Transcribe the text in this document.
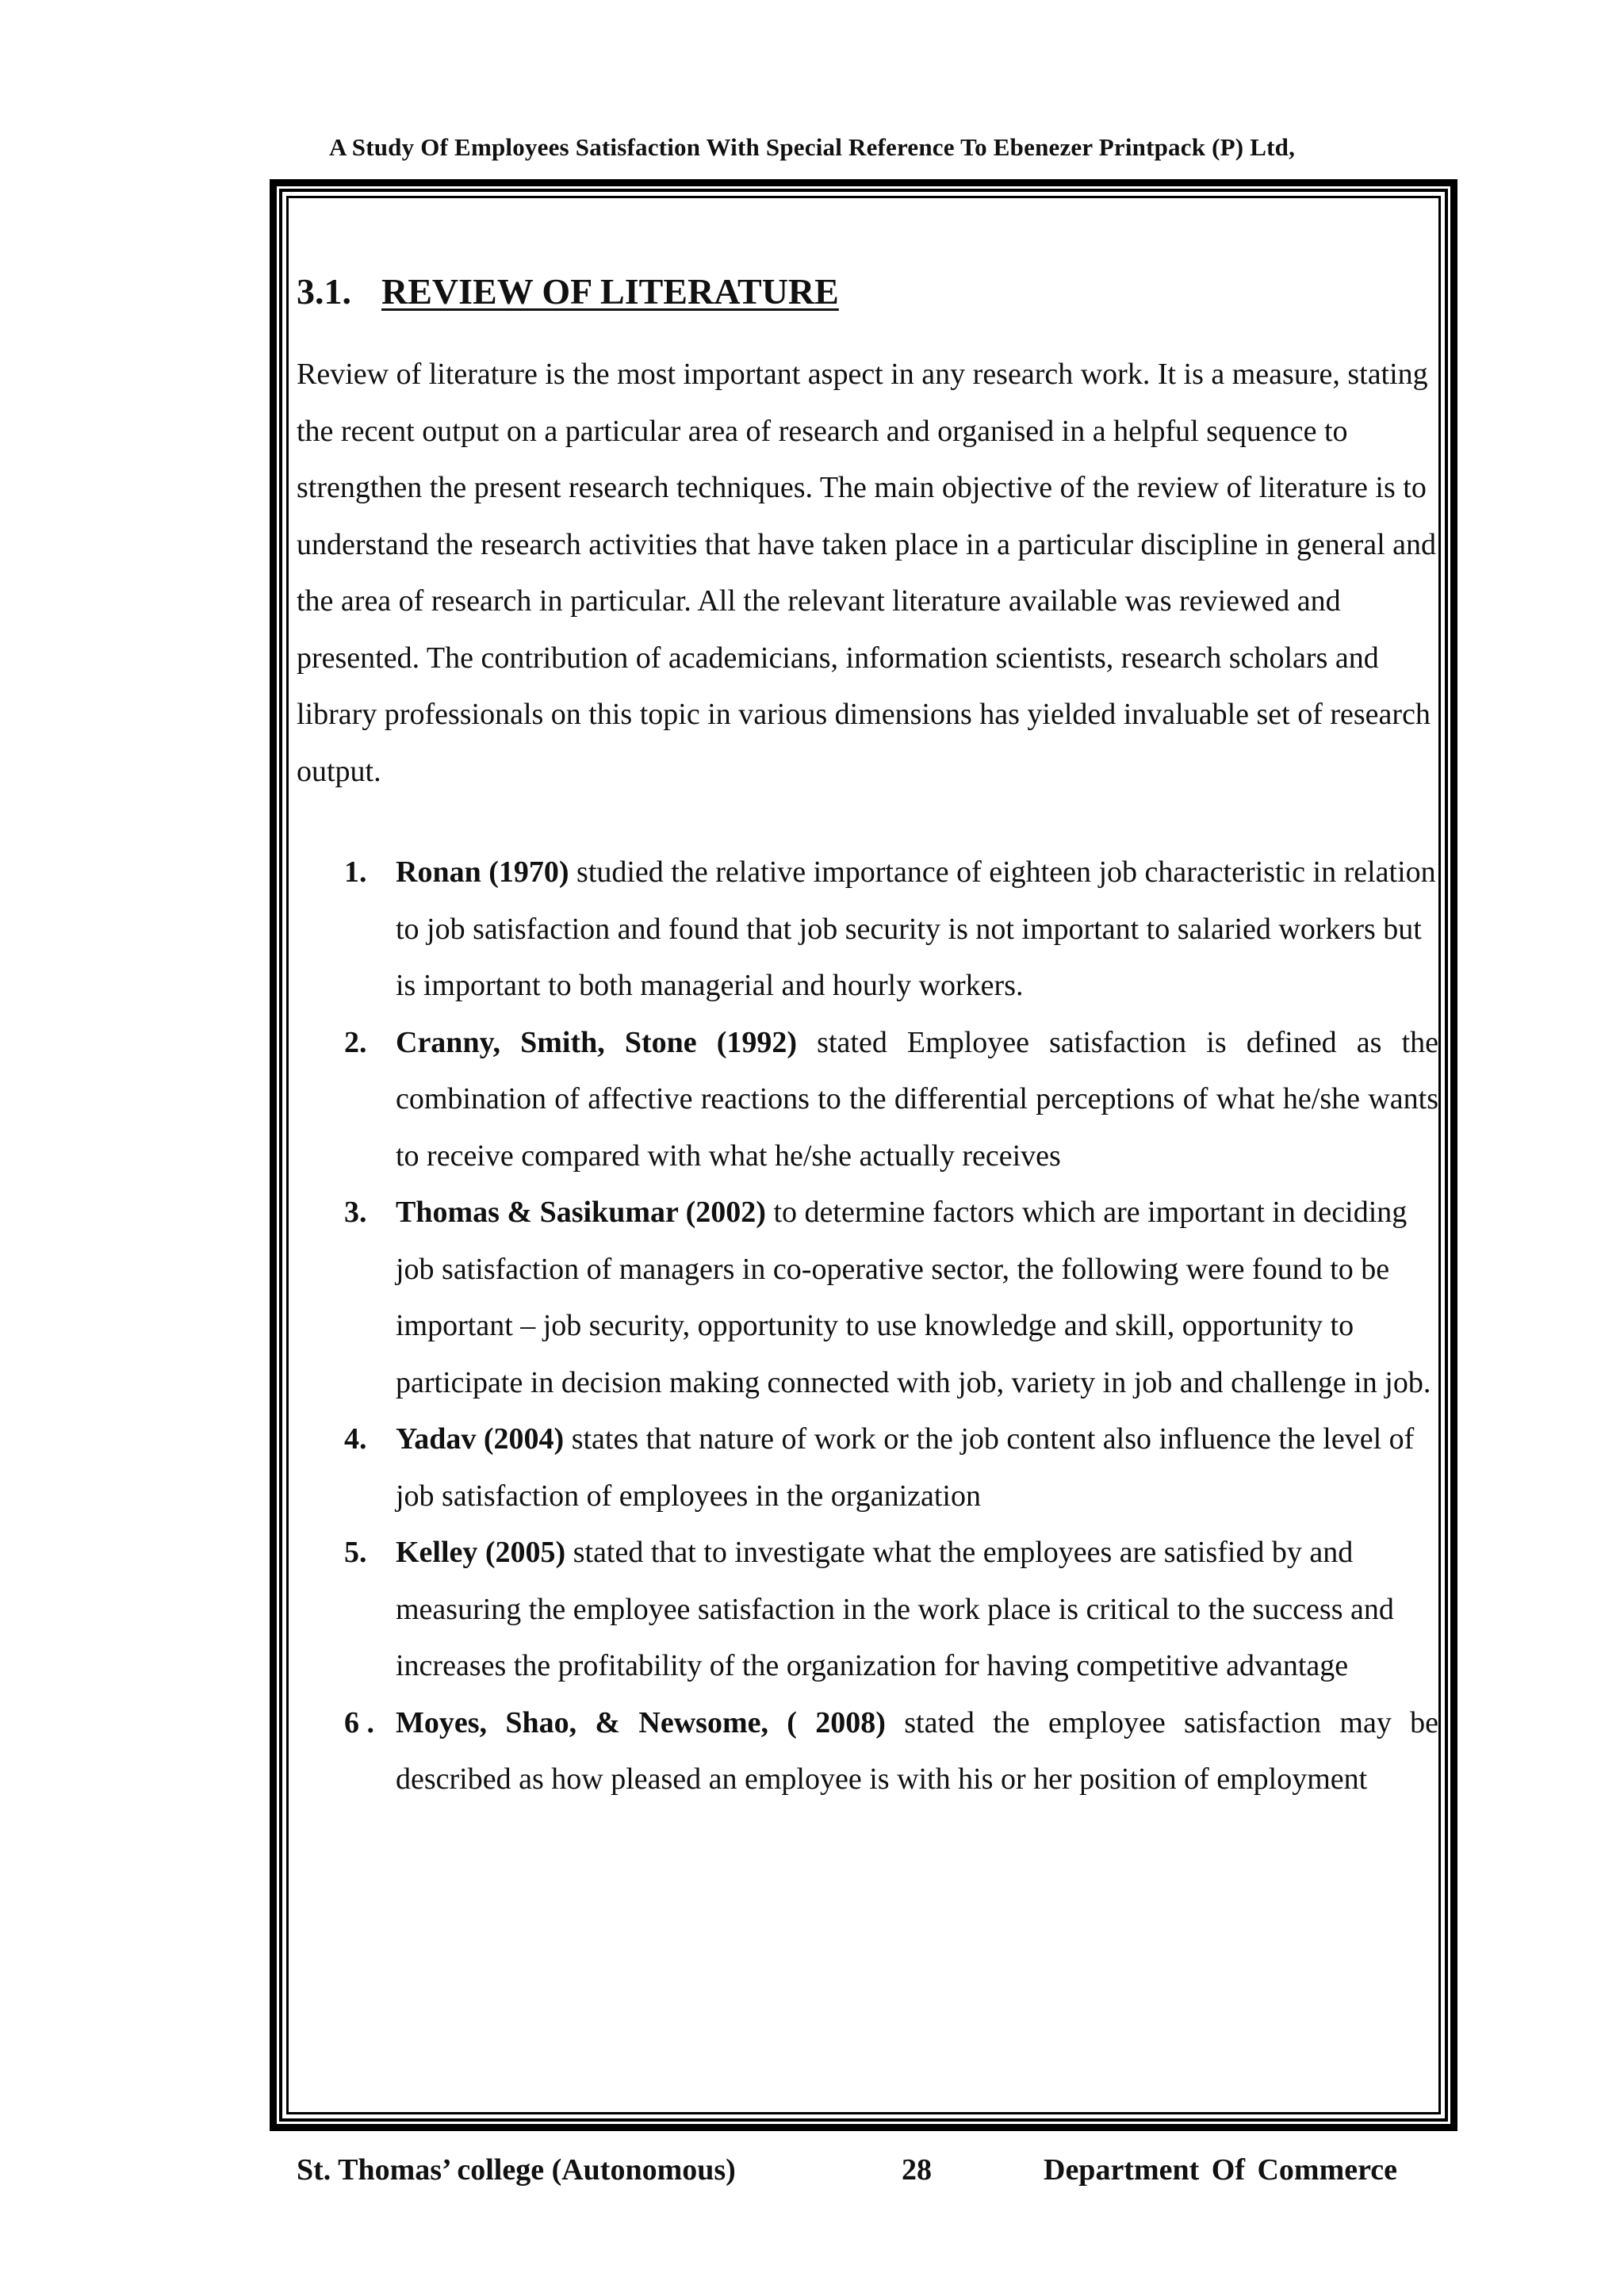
A Study Of Employees Satisfaction With Special Reference To Ebenezer Printpack (P) Ltd,
3.1. REVIEW OF LITERATURE

Review of literature is the most important aspect in any research work. It is a measure, stating the recent output on a particular area of research and organised in a helpful sequence to strengthen the present research techniques. The main objective of the review of literature is to understand the research activities that have taken place in a particular discipline in general and the area of research in particular. All the relevant literature available was reviewed and presented. The contribution of academicians, information scientists, research scholars and library professionals on this topic in various dimensions has yielded invaluable set of research output.

1. Ronan (1970) studied the relative importance of eighteen job characteristic in relation to job satisfaction and found that job security is not important to salaried workers but is important to both managerial and hourly workers.
2. Cranny, Smith, Stone (1992) stated Employee satisfaction is defined as the combination of affective reactions to the differential perceptions of what he/she wants to receive compared with what he/she actually receives
3. Thomas & Sasikumar (2002) to determine factors which are important in deciding job satisfaction of managers in co-operative sector, the following were found to be important – job security, opportunity to use knowledge and skill, opportunity to participate in decision making connected with job, variety in job and challenge in job.
4. Yadav (2004) states that nature of work or the job content also influence the level of job satisfaction of employees in the organization
5. Kelley (2005) stated that to investigate what the employees are satisfied by and measuring the employee satisfaction in the work place is critical to the success and increases the profitability of the organization for having competitive advantage
6 . Moyes, Shao, & Newsome, ( 2008) stated the employee satisfaction may be described as how pleased an employee is with his or her position of employment
St. Thomas’ college (Autonomous)	28	Department Of Commerce
